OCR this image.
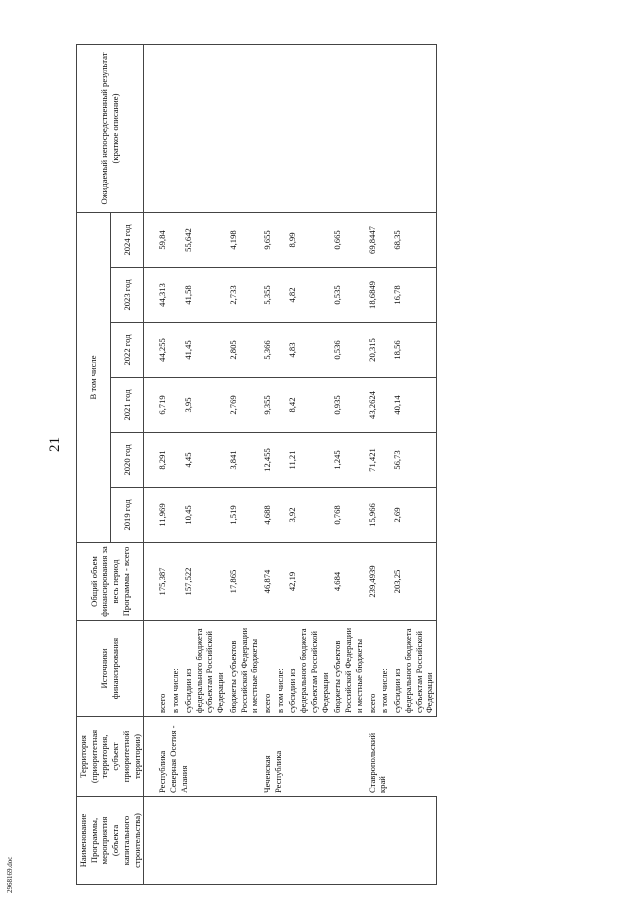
21
2968169.doc
Наименование Программы, мероприятия (объекта капитального строительства)	Территория (приоритетная территория, субъект приоритетной территории)	Источники финансирования	Общий объем финансирования за весь период Программы - всего	В том числе						Ожидаемый непосредственный результат (краткое описание)
				2019 год	2020 год	2021 год	2022 год	2023 год	2024 год	

	Республика Северная Осетия - Алания	всего	175,387	11,969	8,291	6,719	44,255	44,313	59,84	
		в том числе:								
		субсидии из федерального бюджета субъектам Российской Федерации	157,522	10,45	4,45	3,95	41,45	41,58	55,642	
		бюджеты субъектов Российской Федерации и местные бюджеты	17,865	1,519	3,841	2,769	2,805	2,733	4,198	
	Чеченская Республика	всего	46,874	4,688	12,455	9,355	5,366	5,355	9,655	
		в том числе:								
		субсидии из федерального бюджета субъектам Российской Федерации	42,19	3,92	11,21	8,42	4,83	4,82	8,99	
		бюджеты субъектов Российской Федерации и местные бюджеты	4,684	0,768	1,245	0,935	0,536	0,535	0,665	
	Ставропольский край	всего	239,4939	15,966	71,421	43,2624	20,315	18,6849	69,8447	
		в том числе:								
		субсидии из федерального бюджета субъектам Российской Федерации	203,25	2,69	56,73	40,14	18,56	16,78	68,35	
